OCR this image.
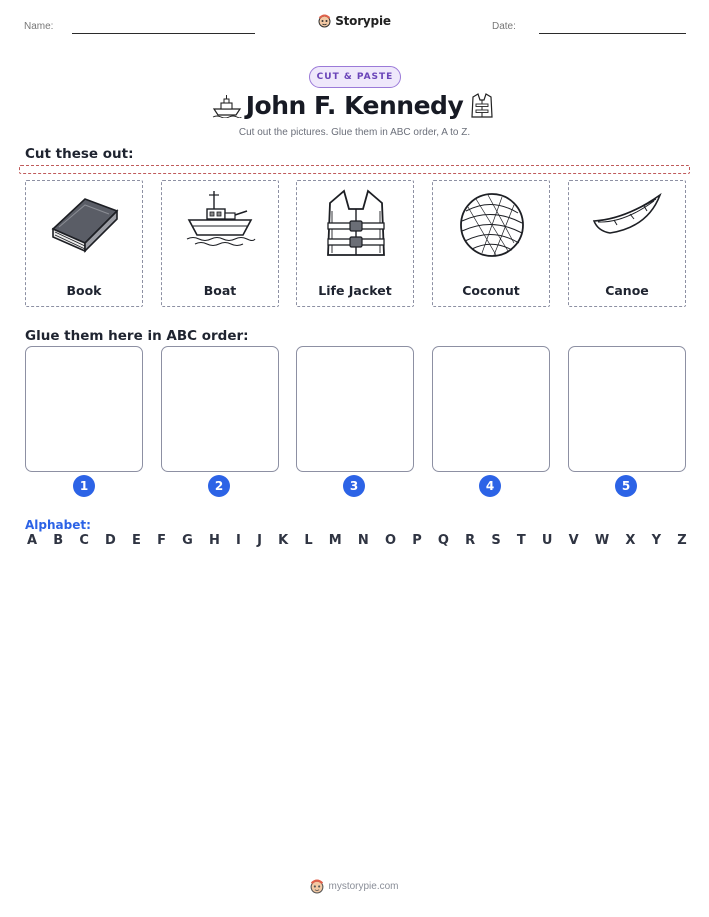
Name:	Storypie	Date:
CUT & PASTE
John F. Kennedy
Cut out the pictures. Glue them in ABC order, A to Z.
Cut these out:
Book	Boat	Life Jacket	Coconut	Canoe
Glue them here in ABC order:
1	2	3	4	5
Alphabet:
A B C D E F G H I J K L M N O P Q R S T U V W X Y Z
mystorypie.com
